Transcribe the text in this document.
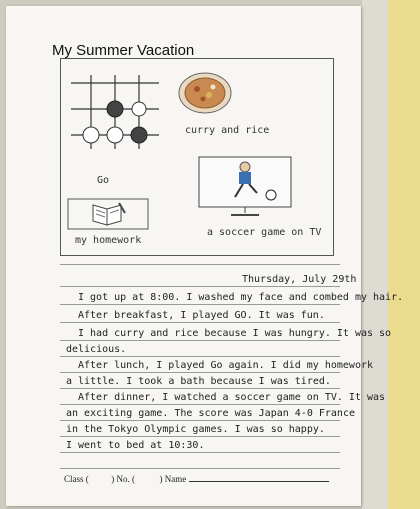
My Summer Vacation
Go
curry and rice
my homework
a soccer game on TV
Thursday, July 29th
I got up at 8:00. I washed my face and combed my hair.
After breakfast, I played GO. It was fun.
I had curry and rice because I was hungry. It was so
delicious.
After lunch, I played Go again. I did my homework
a little. I took a bath because I was tired.
After dinner, I watched a soccer game on TV. It was
an exciting game. The score was Japan 4-0 France
in the Tokyo Olympic games. I was so happy.
I went to bed at 10:30.
Class (	) No. (	) Name
